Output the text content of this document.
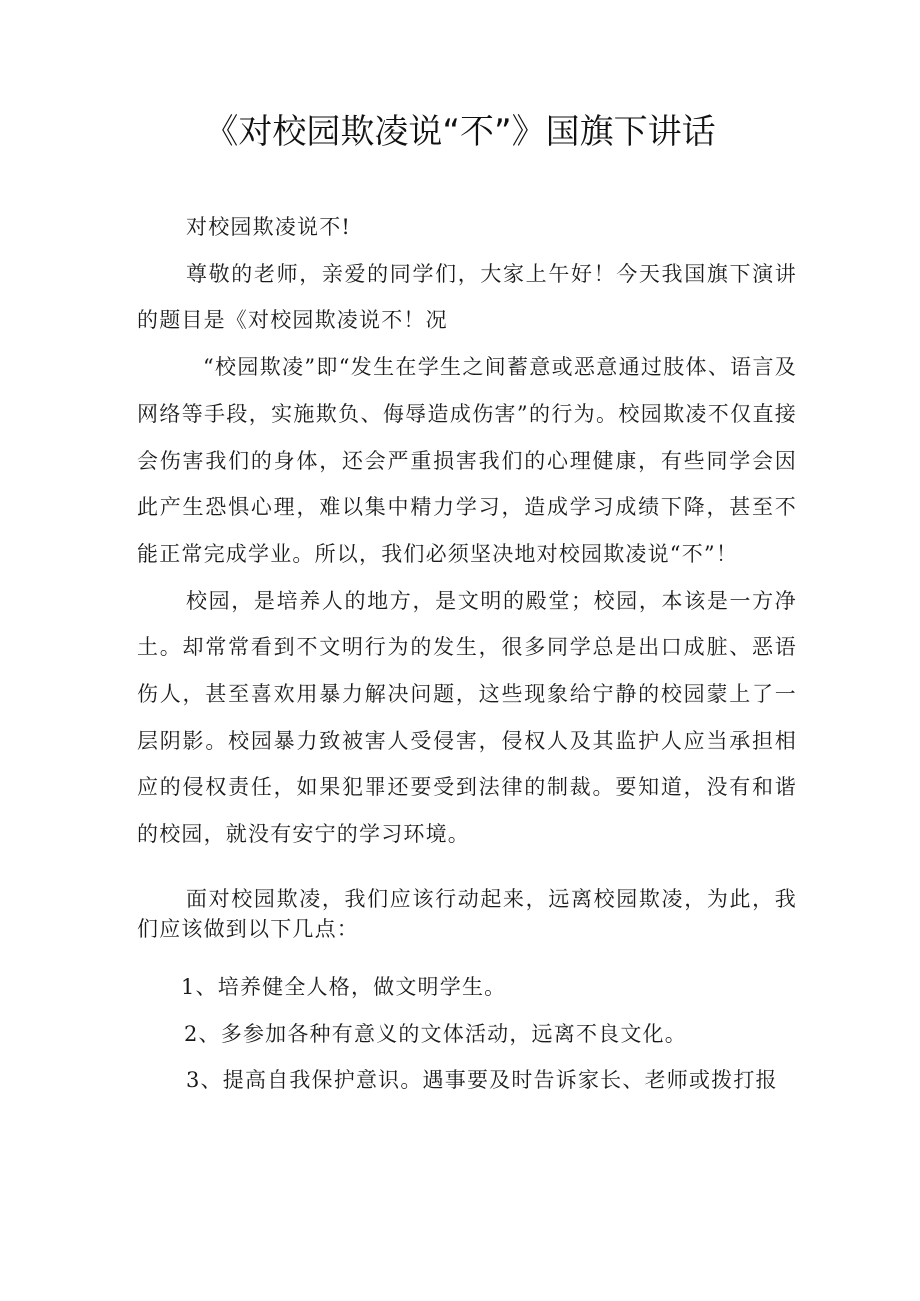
《对校园欺凌说“不”》国旗下讲话

对校园欺凌说不!

尊敬的老师，亲爱的同学们，大家上午好！今天我国旗下演讲的题目是《对校园欺凌说不！况

“校园欺凌”即“发生在学生之间蓄意或恶意通过肢体、语言及网络等手段，实施欺负、侮辱造成伤害”的行为。校园欺凌不仅直接会伤害我们的身体，还会严重损害我们的心理健康，有些同学会因此产生恐惧心理，难以集中精力学习，造成学习成绩下降，甚至不能正常完成学业。所以，我们必须坚决地对校园欺凌说“不”！

校园，是培养人的地方，是文明的殿堂；校园，本该是一方净土。却常常看到不文明行为的发生，很多同学总是出口成脏、恶语伤人，甚至喜欢用暴力解决问题，这些现象给宁静的校园蒙上了一层阴影。校园暴力致被害人受侵害，侵权人及其监护人应当承担相应的侵权责任，如果犯罪还要受到法律的制裁。要知道，没有和谐的校园，就没有安宁的学习环境。

面对校园欺凌，我们应该行动起来，远离校园欺凌，为此，我们应该做到以下几点：

1、培养健全人格，做文明学生。

2、多参加各种有意义的文体活动，远离不良文化。

3、提高自我保护意识。遇事要及时告诉家长、老师或拨打报
